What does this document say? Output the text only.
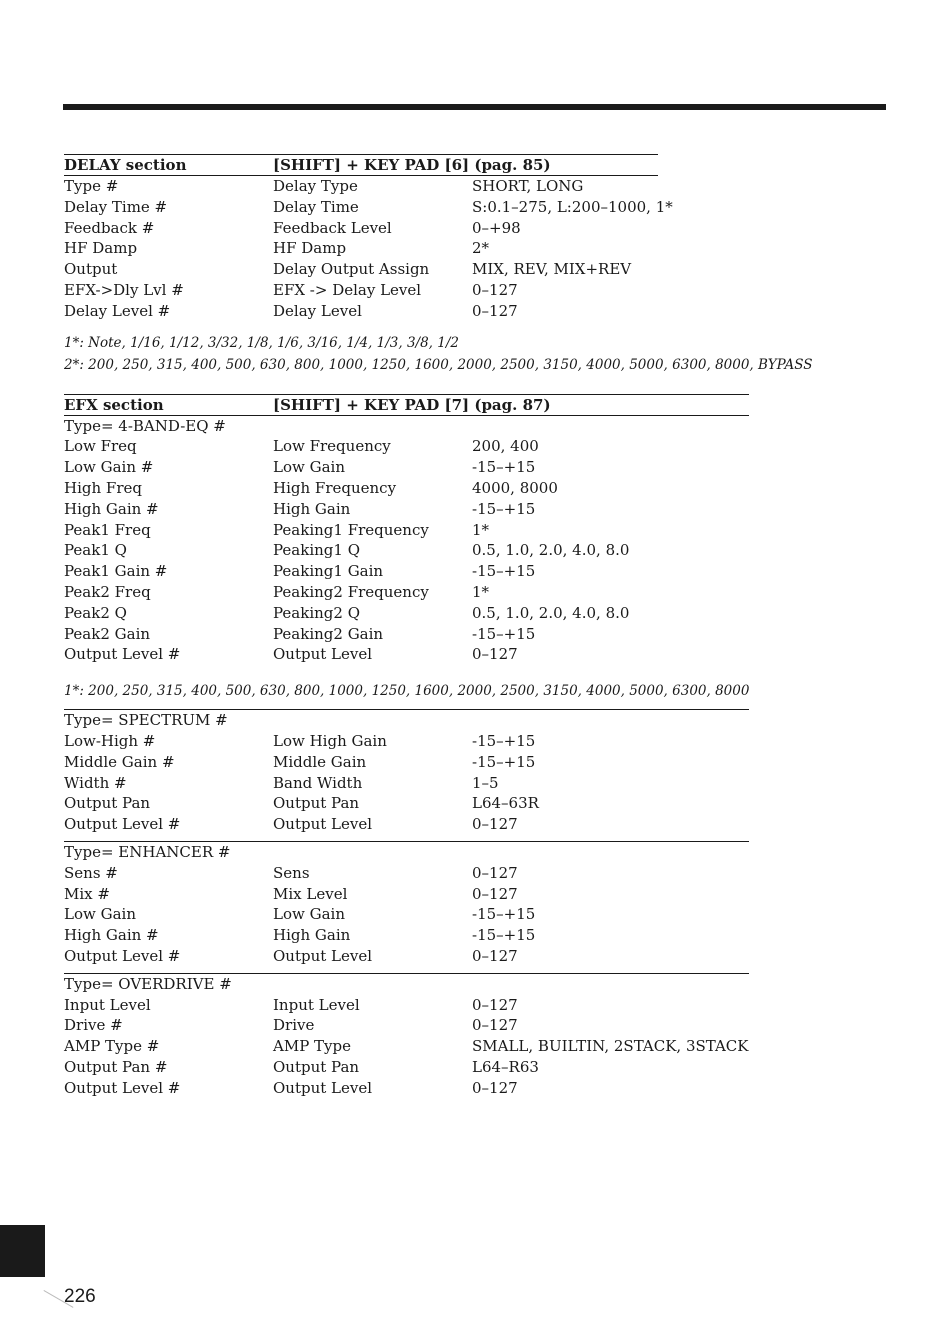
DELAY section	[SHIFT] + KEY PAD [6] (pag. 85)
Type #	Delay Type	SHORT, LONG
Delay Time #	Delay Time	S:0.1–275, L:200–1000, 1*
Feedback #	Feedback Level	0–+98
HF Damp	HF Damp	2*
Output	Delay Output Assign	MIX, REV, MIX+REV
EFX->Dly Lvl #	EFX -> Delay Level	0–127
Delay Level #	Delay Level	0–127
1*: Note, 1/16, 1/12, 3/32, 1/8, 1/6, 3/16, 1/4, 1/3, 3/8, 1/2
2*: 200, 250, 315, 400, 500, 630, 800, 1000, 1250, 1600, 2000, 2500, 3150, 4000, 5000, 6300, 8000, BYPASS
EFX section	[SHIFT] + KEY PAD [7] (pag. 87)
Type= 4-BAND-EQ #
Low Freq	Low Frequency	200, 400
Low Gain #	Low Gain	-15–+15
High Freq	High Frequency	4000, 8000
High Gain #	High Gain	-15–+15
Peak1 Freq	Peaking1 Frequency	1*
Peak1 Q	Peaking1 Q	0.5, 1.0, 2.0, 4.0, 8.0
Peak1 Gain #	Peaking1 Gain	-15–+15
Peak2 Freq	Peaking2 Frequency	1*
Peak2 Q	Peaking2 Q	0.5, 1.0, 2.0, 4.0, 8.0
Peak2 Gain	Peaking2 Gain	-15–+15
Output Level #	Output Level	0–127
1*: 200, 250, 315, 400, 500, 630, 800, 1000, 1250, 1600, 2000, 2500, 3150, 4000, 5000, 6300, 8000
Type= SPECTRUM #
Low-High #	Low High Gain	-15–+15
Middle Gain #	Middle Gain	-15–+15
Width #	Band Width	1–5
Output Pan	Output Pan	L64–63R
Output Level #	Output Level	0–127
Type= ENHANCER #
Sens #	Sens	0–127
Mix #	Mix Level	0–127
Low Gain	Low Gain	-15–+15
High Gain #	High Gain	-15–+15
Output Level #	Output Level	0–127
Type= OVERDRIVE #
Input Level	Input Level	0–127
Drive #	Drive	0–127
AMP Type #	AMP Type	SMALL, BUILTIN, 2STACK, 3STACK
Output Pan #	Output Pan	L64–R63
Output Level #	Output Level	0–127
226
